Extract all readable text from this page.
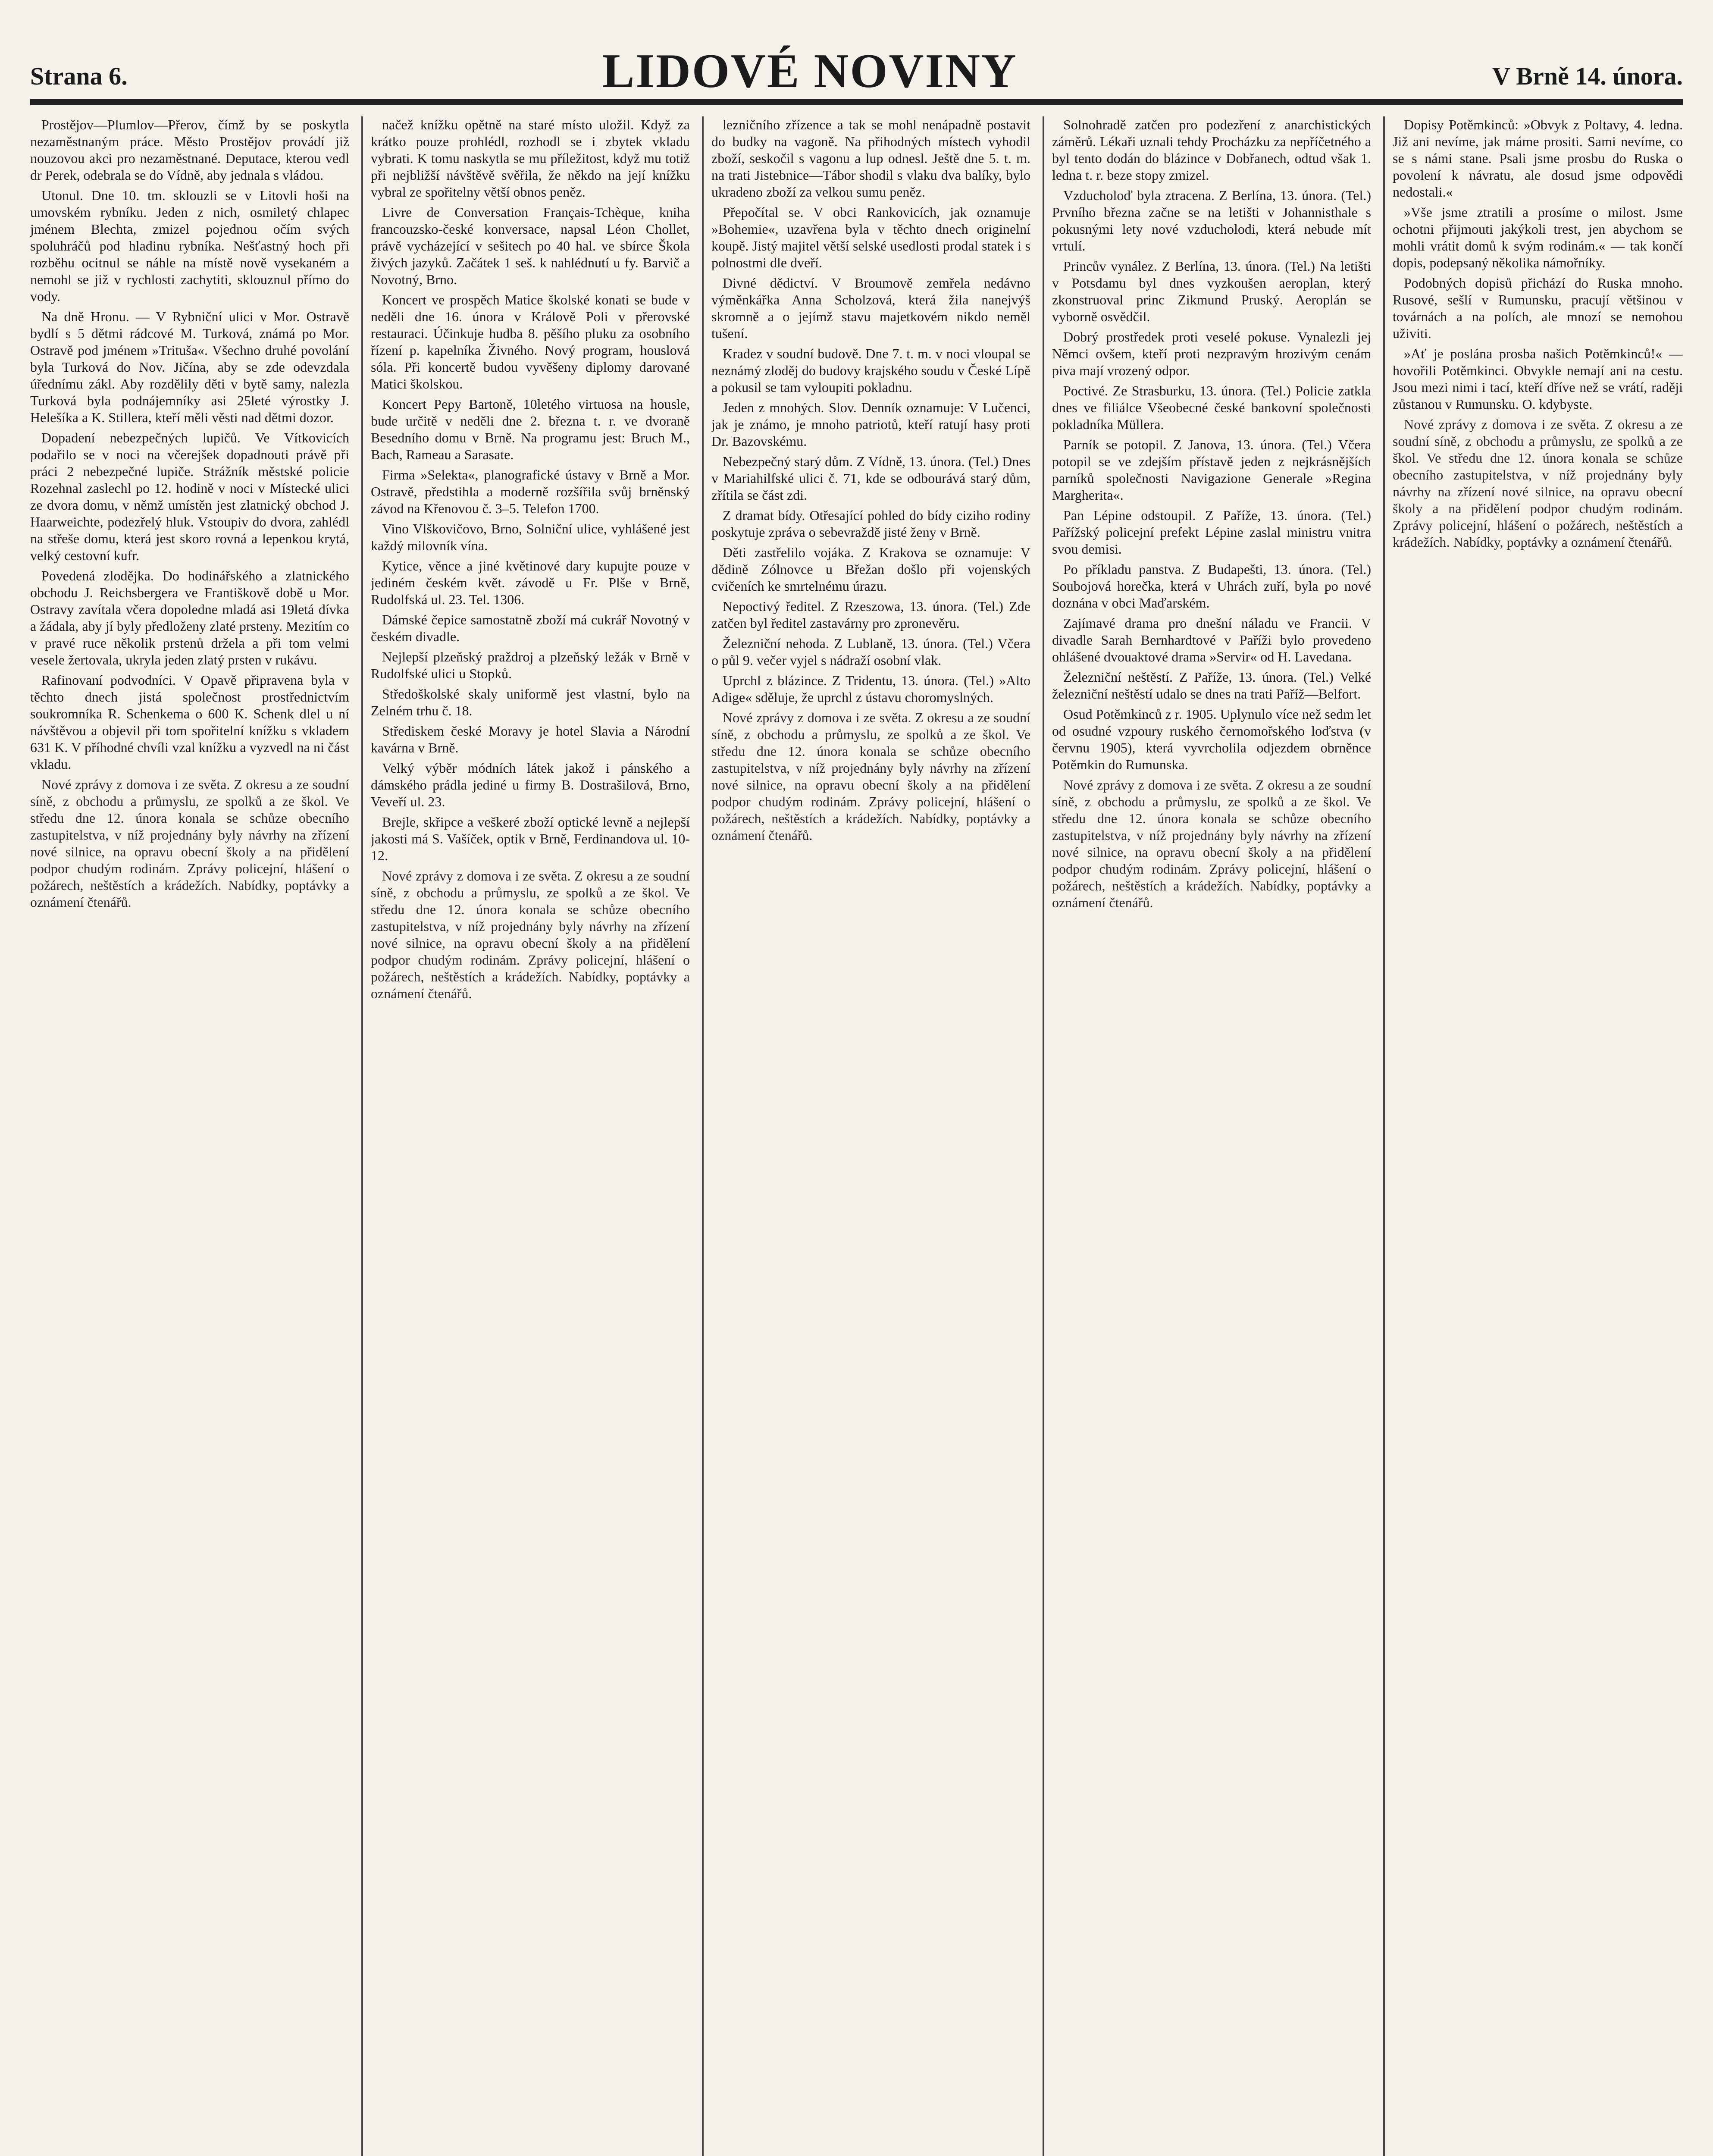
Strana 6.	LIDOVÉ NOVINY	V Brně 14. února.

Prostějov—Plumlov—Přerov, čímž by se poskytla nezaměstnaným práce. Město Prostějov provádí již nouzovou akci pro nezaměstnané. Deputace, kterou vedl dr Perek, odebrala se do Vídně, aby jednala s vládou.

Utonul. Dne 10. tm. sklouzli se v Litovli hoši na umovském rybníku. Jeden z nich, osmiletý chlapec jménem Blechta, zmizel pojednou očím svých spoluhráčů pod hladinu rybníka. Nešťastný hoch při rozběhu ocitnul se náhle na místě nově vysekaném a nemohl se již v rychlosti zachytiti, sklouznul přímo do vody.

Na dně Hronu. — V Rybniční ulici v Mor. Ostravě bydlí s 5 dětmi rádcové M. Turková, známá po Mor. Ostravě pod jménem »Trituša«. Všechno druhé povolání byla Turková do Nov. Jičína, aby se zde odevzdala úřednímu zákl. Aby rozdělily děti v bytě samy, nalezla Turková byla podnájemníky asi 25leté výrostky J. Helešíka a K. Stillera, kteří měli věsti nad dětmi dozor.

Dopadení nebezpečných lupičů. Ve Vítkovicích podařilo se v noci na včerejšek dopadnouti právě při práci 2 nebezpečné lupiče. Strážník městské policie Rozehnal zaslechl po 12. hodině v noci v Místecké ulici ze dvora domu, v němž umístěn jest zlatnický obchod J. Haarweichte, podezřelý hluk. Vstoupiv do dvora, zahlédl na střeše domu, která jest skoro rovná a lepenkou krytá, velký cestovní kufr.

Povedená zlodějka. Do hodinářského a zlatnického obchodu J. Reichsbergera ve Františkově době u Mor. Ostravy zavítala včera dopoledne mladá asi 19letá dívka a žádala, aby jí byly předloženy zlaté prsteny. Mezitím co v pravé ruce několik prstenů držela a při tom velmi vesele žertovala, ukryla jeden zlatý prsten v rukávu.

Rafinovaní podvodníci. V Opavě připravena byla v těchto dnech jistá společnost prostřednictvím soukromníka R. Schenkema o 600 K. Schenk dlel u ní návštěvou a objevil při tom spořitelní knížku s vkladem 631 K. V příhodné chvíli vzal knížku a vyzvedl na ni část vkladu.

Nové zprávy z domova i ze světa. Z okresu a ze soudní síně, z obchodu a průmyslu, ze spolků a ze škol. Ve středu dne 12. února konala se schůze obecního zastupitelstva, v níž projednány byly návrhy na zřízení nové silnice, na opravu obecní školy a na přidělení podpor chudým rodinám. Zprávy policejní, hlášení o požárech, neštěstích a krádežích. Nabídky, poptávky a oznámení čtenářů.

načež knížku opětně na staré místo uložil. Když za krátko pouze prohlédl, rozhodl se i zbytek vkladu vybrati. K tomu naskytla se mu příležitost, když mu totiž při nejbližší návštěvě svěřila, že někdo na její knížku vybral ze spořitelny větší obnos peněz.

Livre de Conversation Français-Tchèque, kniha francouzsko-české konversace, napsal Léon Chollet, právě vycházející v sešitech po 40 hal. ve sbírce Škola živých jazyků. Začátek 1 seš. k nahlédnutí u fy. Barvič a Novotný, Brno.

Koncert ve prospěch Matice školské konati se bude v neděli dne 16. února v Králově Poli v přerovské restauraci. Účinkuje hudba 8. pěšího pluku za osobního řízení p. kapelníka Živného. Nový program, houslová sóla. Při koncertě budou vyvěšeny diplomy darované Matici školskou.

Koncert Pepy Bartoně, 10letého virtuosa na housle, bude určitě v neděli dne 2. března t. r. ve dvoraně Besedního domu v Brně. Na programu jest: Bruch M., Bach, Rameau a Sarasate.

Firma »Selekta«, planografické ústavy v Brně a Mor. Ostravě, předstihla a moderně rozšířila svůj brněnský závod na Křenovou č. 3–5. Telefon 1700.

Vino Vlškovičovo, Brno, Solniční ulice, vyhlášené jest každý milovník vína.

Kytice, věnce a jiné květinové dary kupujte pouze v jediném českém květ. závodě u Fr. Plše v Brně, Rudolfská ul. 23. Tel. 1306.

Dámské čepice samostatně zboží má cukrář Novotný v českém divadle.

Nejlepší plzeňský praždroj a plzeňský ležák v Brně v Rudolfské ulici u Stopků.

Středoškolské skaly uniformě jest vlastní, bylo na Zelném trhu č. 18.

Střediskem české Moravy je hotel Slavia a Národní kavárna v Brně.

Velký výběr módních látek jakož i pánského a dámského prádla jediné u firmy B. Dostrašilová, Brno, Veveří ul. 23.

Brejle, skřipce a veškeré zboží optické levně a nejlepší jakosti má S. Vašíček, optik v Brně, Ferdinandova ul. 10-12.

Nové zprávy z domova i ze světa. Z okresu a ze soudní síně, z obchodu a průmyslu, ze spolků a ze škol. Ve středu dne 12. února konala se schůze obecního zastupitelstva, v níž projednány byly návrhy na zřízení nové silnice, na opravu obecní školy a na přidělení podpor chudým rodinám. Zprávy policejní, hlášení o požárech, neštěstích a krádežích. Nabídky, poptávky a oznámení čtenářů.

lezničního zřízence a tak se mohl nenápadně postavit do budky na vagoně. Na přihodných místech vyhodil zboží, seskočil s vagonu a lup odnesl. Ještě dne 5. t. m. na trati Jistebnice—Tábor shodil s vlaku dva balíky, bylo ukradeno zboží za velkou sumu peněz.

Přepočítal se. V obci Rankovicích, jak oznamuje »Bohemie«, uzavřena byla v těchto dnech originelní koupě. Jistý majitel větší selské usedlosti prodal statek i s polnostmi dle dveří.

Divné dědictví. V Broumově zemřela nedávno výměnkářka Anna Scholzová, která žila nanejvýš skromně a o jejímž stavu majetkovém nikdo neměl tušení.

Kradez v soudní budově. Dne 7. t. m. v noci vloupal se neznámý zloděj do budovy krajského soudu v České Lípě a pokusil se tam vyloupiti pokladnu.

Jeden z mnohých. Slov. Denník oznamuje: V Lučenci, jak je známo, je mnoho patriotů, kteří ratují hasy proti Dr. Bazovskému.

Nebezpečný starý dům. Z Vídně, 13. února. (Tel.) Dnes v Mariahilfské ulici č. 71, kde se odbourává starý dům, zřítila se část zdi.

Z dramat bídy. Otřesající pohled do bídy ciziho rodiny poskytuje zpráva o sebevraždě jisté ženy v Brně.

Děti zastřelilo vojáka. Z Krakova se oznamuje: V dědině Zólnovce u Břežan došlo při vojenských cvičeních ke smrtelnému úrazu.

Nepoctivý ředitel. Z Rzeszowa, 13. února. (Tel.) Zde zatčen byl ředitel zastavárny pro zpronevěru.

Železniční nehoda. Z Lublaně, 13. února. (Tel.) Včera o půl 9. večer vyjel s nádraží osobní vlak.

Uprchl z blázince. Z Tridentu, 13. února. (Tel.) »Alto Adige« sděluje, že uprchl z ústavu choromyslných.

Nové zprávy z domova i ze světa. Z okresu a ze soudní síně, z obchodu a průmyslu, ze spolků a ze škol. Ve středu dne 12. února konala se schůze obecního zastupitelstva, v níž projednány byly návrhy na zřízení nové silnice, na opravu obecní školy a na přidělení podpor chudým rodinám. Zprávy policejní, hlášení o požárech, neštěstích a krádežích. Nabídky, poptávky a oznámení čtenářů.

Solnohradě zatčen pro podezření z anarchistických záměrů. Lékaři uznali tehdy Procházku za nepříčetného a byl tento dodán do blázince v Dobřanech, odtud však 1. ledna t. r. beze stopy zmizel.

Vzducholoď byla ztracena. Z Berlína, 13. února. (Tel.) Prvního března začne se na letišti v Johannisthale s pokusnými lety nové vzducholodi, která nebude mít vrtulí.

Princův vynález. Z Berlína, 13. února. (Tel.) Na letišti v Potsdamu byl dnes vyzkoušen aeroplan, který zkonstruoval princ Zikmund Pruský. Aeroplán se vyborně osvědčil.

Dobrý prostředek proti veselé pokuse. Vynalezli jej Němci ovšem, kteří proti nezpravým hrozivým cenám piva mají vrozený odpor.

Poctivé. Ze Strasburku, 13. února. (Tel.) Policie zatkla dnes ve filiálce Všeobecné české bankovní společnosti pokladníka Müllera.

Parník se potopil. Z Janova, 13. února. (Tel.) Včera potopil se ve zdejším přístavě jeden z nejkrásnějších parníků společnosti Navigazione Generale »Regina Margherita«.

Pan Lépine odstoupil. Z Paříže, 13. února. (Tel.) Pařížský policejní prefekt Lépine zaslal ministru vnitra svou demisi.

Po příkladu panstva. Z Budapešti, 13. února. (Tel.) Soubojová horečka, která v Uhrách zuří, byla po nové doznána v obci Maďarském.

Zajímavé drama pro dnešní náladu ve Francii. V divadle Sarah Bernhardtové v Paříži bylo provedeno ohlášené dvouaktové drama »Servir« od H. Lavedana.

Železniční neštěstí. Z Paříže, 13. února. (Tel.) Velké železniční neštěstí udalo se dnes na trati Paříž—Belfort.

Osud Potěmkinců z r. 1905. Uplynulo více než sedm let od osudné vzpoury ruského černomořského loďstva (v červnu 1905), která vyvrcholila odjezdem obrněnce Potěmkin do Rumunska.

Nové zprávy z domova i ze světa. Z okresu a ze soudní síně, z obchodu a průmyslu, ze spolků a ze škol. Ve středu dne 12. února konala se schůze obecního zastupitelstva, v níž projednány byly návrhy na zřízení nové silnice, na opravu obecní školy a na přidělení podpor chudým rodinám. Zprávy policejní, hlášení o požárech, neštěstích a krádežích. Nabídky, poptávky a oznámení čtenářů.

Dopisy Potěmkinců: »Obvyk z Poltavy, 4. ledna. Již ani nevíme, jak máme prositi. Sami nevíme, co se s námi stane. Psali jsme prosbu do Ruska o povolení k návratu, ale dosud jsme odpovědi nedostali.«

»Vše jsme ztratili a prosíme o milost. Jsme ochotni přijmouti jakýkoli trest, jen abychom se mohli vrátit domů k svým rodinám.« — tak končí dopis, podepsaný několika námořníky.

Podobných dopisů přichází do Ruska mnoho. Rusové, sešlí v Rumunsku, pracují většinou v továrnách a na polích, ale mnozí se nemohou uživiti.

»Ať je poslána prosba našich Potěmkinců!« — hovořili Potěmkinci. Obvykle nemají ani na cestu. Jsou mezi nimi i tací, kteří dříve než se vrátí, raději zůstanou v Rumunsku. O. kdybyste.

Nové zprávy z domova i ze světa. Z okresu a ze soudní síně, z obchodu a průmyslu, ze spolků a ze škol. Ve středu dne 12. února konala se schůze obecního zastupitelstva, v níž projednány byly návrhy na zřízení nové silnice, na opravu obecní školy a na přidělení podpor chudým rodinám. Zprávy policejní, hlášení o požárech, neštěstích a krádežích. Nabídky, poptávky a oznámení čtenářů.
